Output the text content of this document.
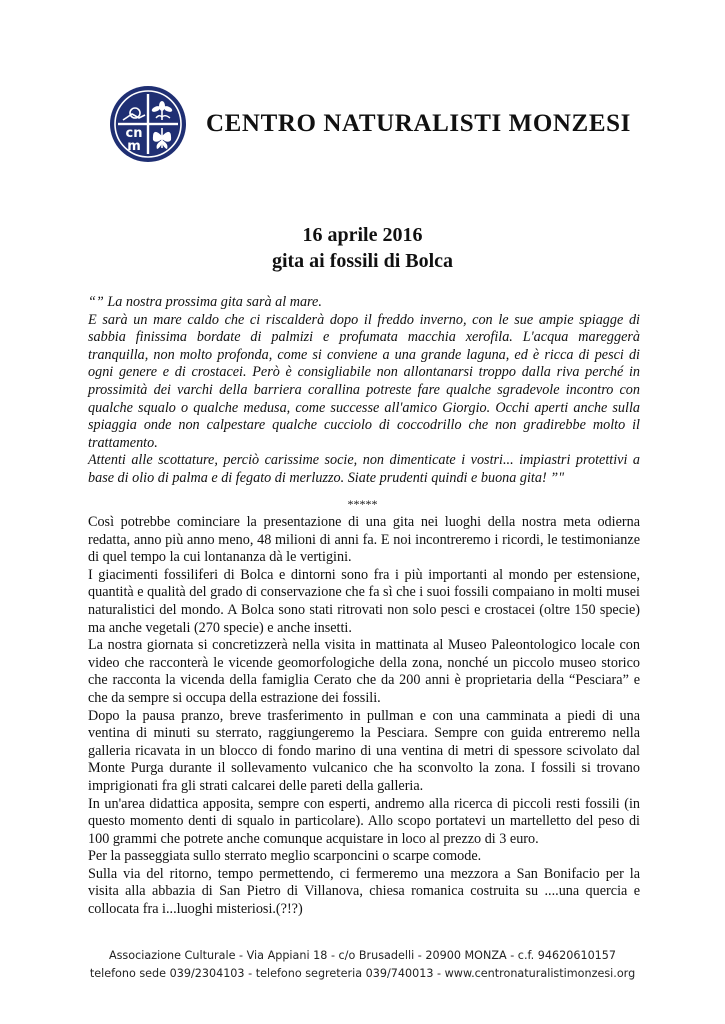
cn
m
CENTRO NATURALISTI MONZESI
16 aprile 2016
gita ai fossili di Bolca

“” La nostra prossima gita sarà al mare.

E sarà un mare caldo che ci riscalderà dopo il freddo inverno, con le sue ampie spiagge di sabbia finissima bordate di palmizi e profumata macchia xerofila. L'acqua mareggerà tranquilla, non molto profonda, come si conviene a una grande laguna, ed è ricca di pesci di ogni genere e di crostacei. Però è consigliabile non allontanarsi troppo dalla riva perché in prossimità dei varchi della barriera corallina potreste fare qualche sgradevole incontro con qualche squalo o qualche medusa, come successe all'amico Giorgio. Occhi aperti anche sulla spiaggia onde non calpestare qualche cucciolo di coccodrillo che non gradirebbe molto il trattamento.

Attenti alle scottature, perciò carissime socie, non dimenticate i vostri... impiastri protettivi a base di olio di palma e di fegato di merluzzo. Siate prudenti quindi e buona gita! ”"

*****

Così potrebbe cominciare la presentazione di una gita nei luoghi della nostra meta odierna redatta, anno più anno meno, 48 milioni di anni fa. E noi incontreremo i ricordi, le testimonianze di quel tempo la cui lontananza dà le vertigini.

I giacimenti fossiliferi di Bolca e dintorni sono fra i più importanti al mondo per estensione, quantità e qualità del grado di conservazione che fa sì che i suoi fossili compaiano in molti musei naturalistici del mondo. A Bolca sono stati ritrovati non solo pesci e crostacei (oltre 150 specie) ma anche vegetali (270 specie) e anche insetti.

La nostra giornata si concretizzerà nella visita in mattinata al Museo Paleontologico locale con video che racconterà le vicende geomorfologiche della zona, nonché un piccolo museo storico che racconta la vicenda della famiglia Cerato che da 200 anni è proprietaria della “Pesciara” e che da sempre si occupa della estrazione dei fossili.

Dopo la pausa pranzo, breve trasferimento in pullman e con una camminata a piedi di una ventina di minuti su sterrato, raggiungeremo la Pesciara. Sempre con guida entreremo nella galleria ricavata in un blocco di fondo marino di una ventina di metri di spessore scivolato dal Monte Purga durante il sollevamento vulcanico che ha sconvolto la zona. I fossili si trovano imprigionati fra gli strati calcarei delle pareti della galleria.

In un'area didattica apposita, sempre con esperti, andremo alla ricerca di piccoli resti fossili (in questo momento denti di squalo in particolare). Allo scopo portatevi un martelletto del peso di 100 grammi che potrete anche comunque acquistare in loco al prezzo di 3 euro.

Per la passeggiata sullo sterrato meglio scarponcini o scarpe comode.

Sulla via del ritorno, tempo permettendo, ci fermeremo una mezzora a San Bonifacio per la visita alla abbazia di San Pietro di Villanova, chiesa romanica costruita su ....una quercia e collocata fra i...luoghi misteriosi.(?!?)

Associazione Culturale - Via Appiani 18 - c/o Brusadelli - 20900 MONZA - c.f. 94620610157
telefono sede 039/2304103 - telefono segreteria 039/740013 - www.centronaturalistimonzesi.org
